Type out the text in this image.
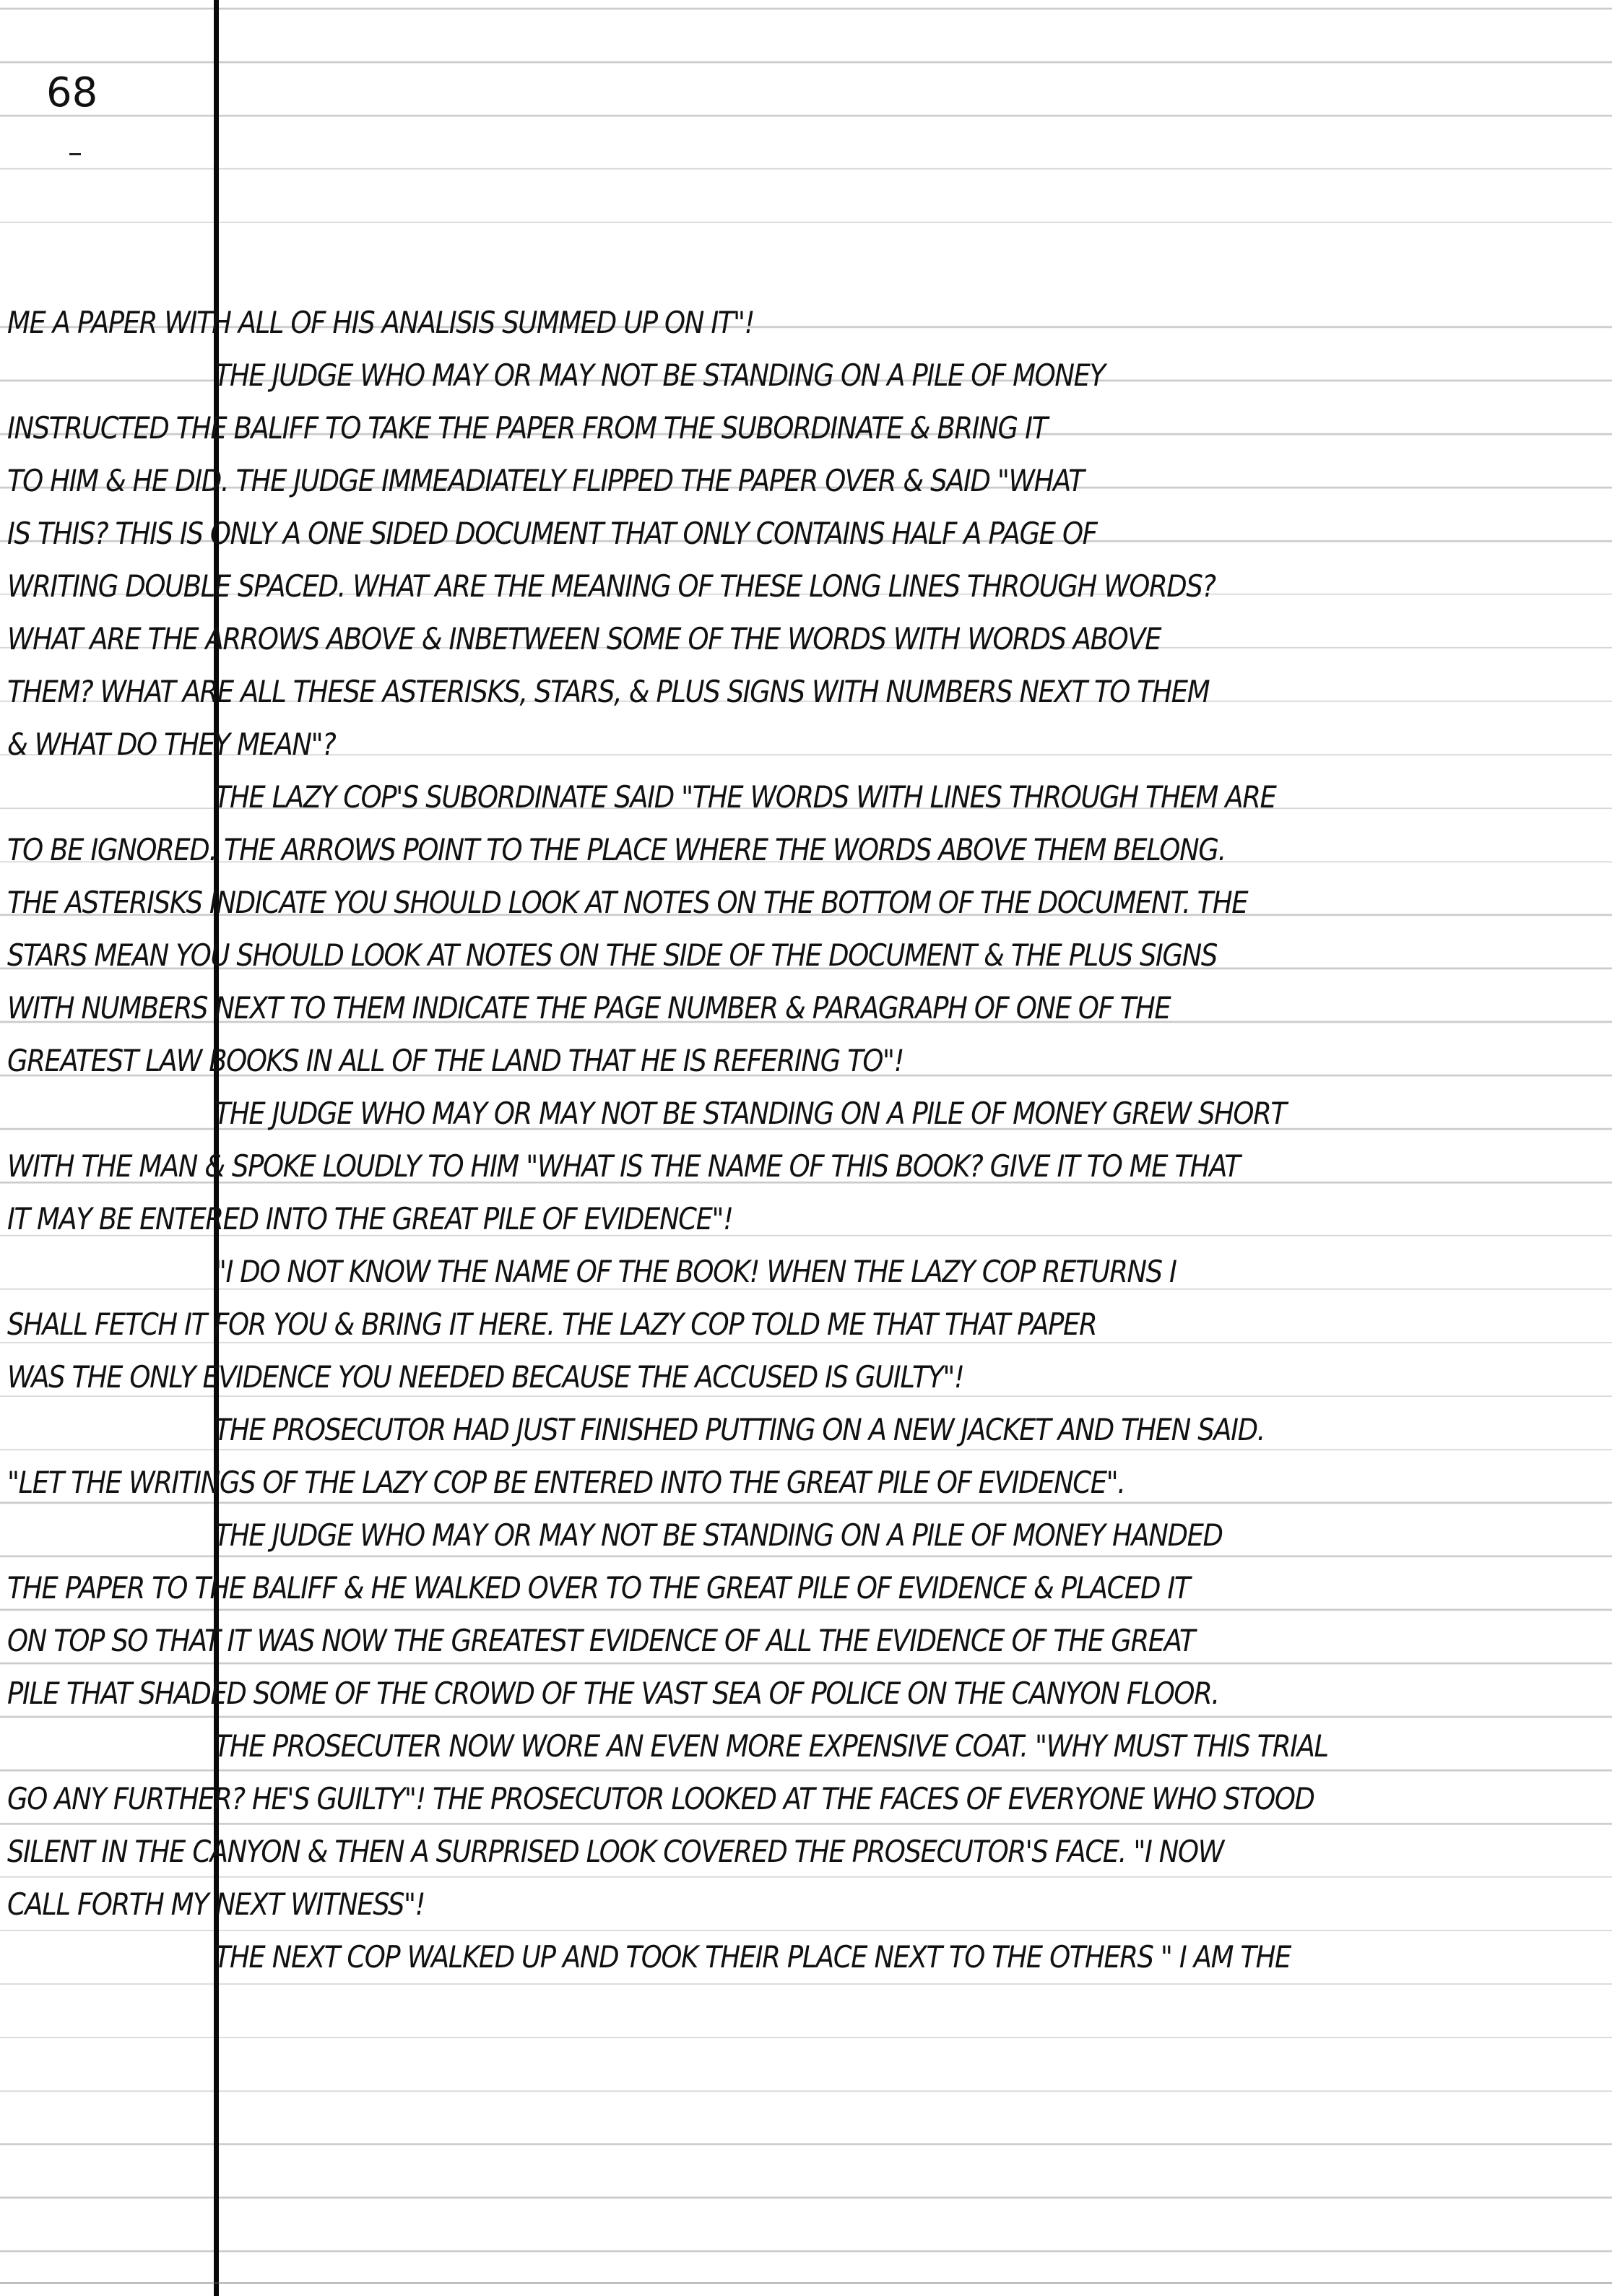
68
ME A PAPER WITH ALL OF HIS ANALISIS SUMMED UP ON IT"!
THE JUDGE WHO MAY OR MAY NOT BE STANDING ON A PILE OF MONEY
INSTRUCTED THE BALIFF TO TAKE THE PAPER FROM THE SUBORDINATE & BRING IT
TO HIM & HE DID. THE JUDGE IMMEADIATELY FLIPPED THE PAPER OVER & SAID "WHAT
IS THIS? THIS IS ONLY A ONE SIDED DOCUMENT THAT ONLY CONTAINS HALF A PAGE OF
WRITING DOUBLE SPACED. WHAT ARE THE MEANING OF THESE LONG LINES THROUGH WORDS?
WHAT ARE THE ARROWS ABOVE & INBETWEEN SOME OF THE WORDS WITH WORDS ABOVE
THEM? WHAT ARE ALL THESE ASTERISKS, STARS, & PLUS SIGNS WITH NUMBERS NEXT TO THEM
& WHAT DO THEY MEAN"?
THE LAZY COP'S SUBORDINATE SAID "THE WORDS WITH LINES THROUGH THEM ARE
TO BE IGNORED. THE ARROWS POINT TO THE PLACE WHERE THE WORDS ABOVE THEM BELONG.
THE ASTERISKS INDICATE YOU SHOULD LOOK AT NOTES ON THE BOTTOM OF THE DOCUMENT. THE
STARS MEAN YOU SHOULD LOOK AT NOTES ON THE SIDE OF THE DOCUMENT & THE PLUS SIGNS
WITH NUMBERS NEXT TO THEM INDICATE THE PAGE NUMBER & PARAGRAPH OF ONE OF THE
GREATEST LAW BOOKS IN ALL OF THE LAND THAT HE IS REFERING TO"!
THE JUDGE WHO MAY OR MAY NOT BE STANDING ON A PILE OF MONEY GREW SHORT
WITH THE MAN & SPOKE LOUDLY TO HIM "WHAT IS THE NAME OF THIS BOOK? GIVE IT TO ME THAT
IT MAY BE ENTERED INTO THE GREAT PILE OF EVIDENCE"!
"I DO NOT KNOW THE NAME OF THE BOOK! WHEN THE LAZY COP RETURNS I
SHALL FETCH IT FOR YOU & BRING IT HERE. THE LAZY COP TOLD ME THAT THAT PAPER
WAS THE ONLY EVIDENCE YOU NEEDED BECAUSE THE ACCUSED IS GUILTY"!
THE PROSECUTOR HAD JUST FINISHED PUTTING ON A NEW JACKET AND THEN SAID.
"LET THE WRITINGS OF THE LAZY COP BE ENTERED INTO THE GREAT PILE OF EVIDENCE".
THE JUDGE WHO MAY OR MAY NOT BE STANDING ON A PILE OF MONEY HANDED
THE PAPER TO THE BALIFF & HE WALKED OVER TO THE GREAT PILE OF EVIDENCE & PLACED IT
ON TOP SO THAT IT WAS NOW THE GREATEST EVIDENCE OF ALL THE EVIDENCE OF THE GREAT
PILE THAT SHADED SOME OF THE CROWD OF THE VAST SEA OF POLICE ON THE CANYON FLOOR.
THE PROSECUTER NOW WORE AN EVEN MORE EXPENSIVE COAT. "WHY MUST THIS TRIAL
GO ANY FURTHER? HE'S GUILTY"! THE PROSECUTOR LOOKED AT THE FACES OF EVERYONE WHO STOOD
SILENT IN THE CANYON & THEN A SURPRISED LOOK COVERED THE PROSECUTOR'S FACE. "I NOW
CALL FORTH MY NEXT WITNESS"!
THE NEXT COP WALKED UP AND TOOK THEIR PLACE NEXT TO THE OTHERS " I AM THE
